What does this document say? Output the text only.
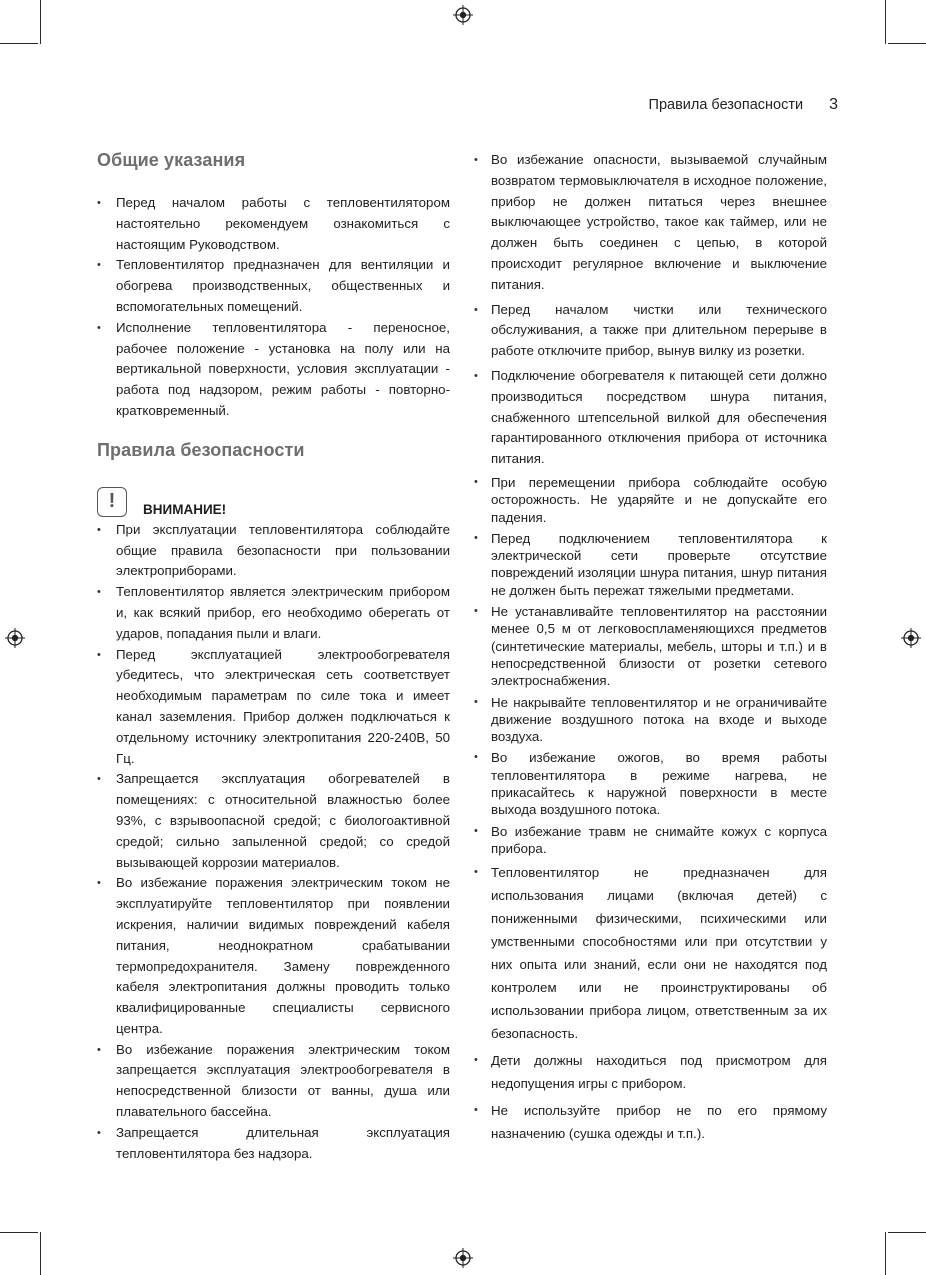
Правила безопасности 3
Общие указания
• Перед началом работы с тепловентилятором настоятельно рекомендуем ознакомиться с настоящим Руководством.
• Тепловентилятор предназначен для вентиляции и обогрева производственных, общественных и вспомогательных помещений.
• Исполнение тепловентилятора - переносное, рабочее положение - установка на полу или на вертикальной поверхности, условия эксплуатации - работа под надзором, режим работы - повторно-кратковременный.
Правила безопасности
!	ВНИМАНИЕ!
• При эксплуатации тепловентилятора соблюдайте общие правила безопасности при пользовании электроприборами.
• Тепловентилятор является электрическим прибором и, как всякий прибор, его необходимо оберегать от ударов, попадания пыли и влаги.
• Перед эксплуатацией электрообогревателя убедитесь, что электрическая сеть соответствует необходимым параметрам по силе тока и имеет канал заземления. Прибор должен подключаться к отдельному источнику электропитания 220-240В, 50 Гц.
• Запрещается эксплуатация обогревателей в помещениях: с относительной влажностью более 93%, с взрывоопасной средой; с биологоактивной средой; сильно запыленной средой; со средой вызывающей коррозии материалов.
• Во избежание поражения электрическим током не эксплуатируйте тепловентилятор при появлении искрения, наличии видимых повреждений кабеля питания, неоднократном срабатывании термопредохранителя. Замену поврежденного кабеля электропитания должны проводить только квалифицированные специалисты сервисного центра.
• Во избежание поражения электрическим током запрещается эксплуатация электрообогревателя в непосредственной близости от ванны, душа или плавательного бассейна.
• Запрещается длительная эксплуатация тепловентилятора без надзора.
• Во избежание опасности, вызываемой случайным возвратом термовыключателя в исходное положение, прибор не должен питаться через внешнее выключающее устройство, такое как таймер, или не должен быть соединен с цепью, в которой происходит регулярное включение и выключение питания.
• Перед началом чистки или технического обслуживания, а также при длительном перерыве в работе отключите прибор, вынув вилку из розетки.
• Подключение обогревателя к питающей сети должно производиться посредством шнура питания, снабженного штепсельной вилкой для обеспечения гарантированного отключения прибора от источника питания.
• При перемещении прибора соблюдайте особую осторожность. Не ударяйте и не допускайте его падения.
• Перед подключением тепловентилятора к электрической сети проверьте отсутствие повреждений изоляции шнура питания, шнур питания не должен быть пережат тяжелыми предметами.
• Не устанавливайте тепловентилятор на расстоянии менее 0,5 м от легковоспламеняющихся предметов (синтетические материалы, мебель, шторы и т.п.) и в непосредственной близости от розетки сетевого электроснабжения.
• Не накрывайте тепловентилятор и не ограничивайте движение воздушного потока на входе и выходе воздуха.
• Во избежание ожогов, во время работы тепловентилятора в режиме нагрева, не прикасайтесь к наружной поверхности в месте выхода воздушного потока.
• Во избежание травм не снимайте кожух с корпуса прибора.
• Тепловентилятор не предназначен для использования лицами (включая детей) с пониженными физическими, психическими или умственными способностями или при отсутствии у них опыта или знаний, если они не находятся под контролем или не проинструктированы об использовании прибора лицом, ответственным за их безопасность.
• Дети должны находиться под присмотром для недопущения игры с прибором.
• Не используйте прибор не по его прямому назначению (сушка одежды и т.п.).
